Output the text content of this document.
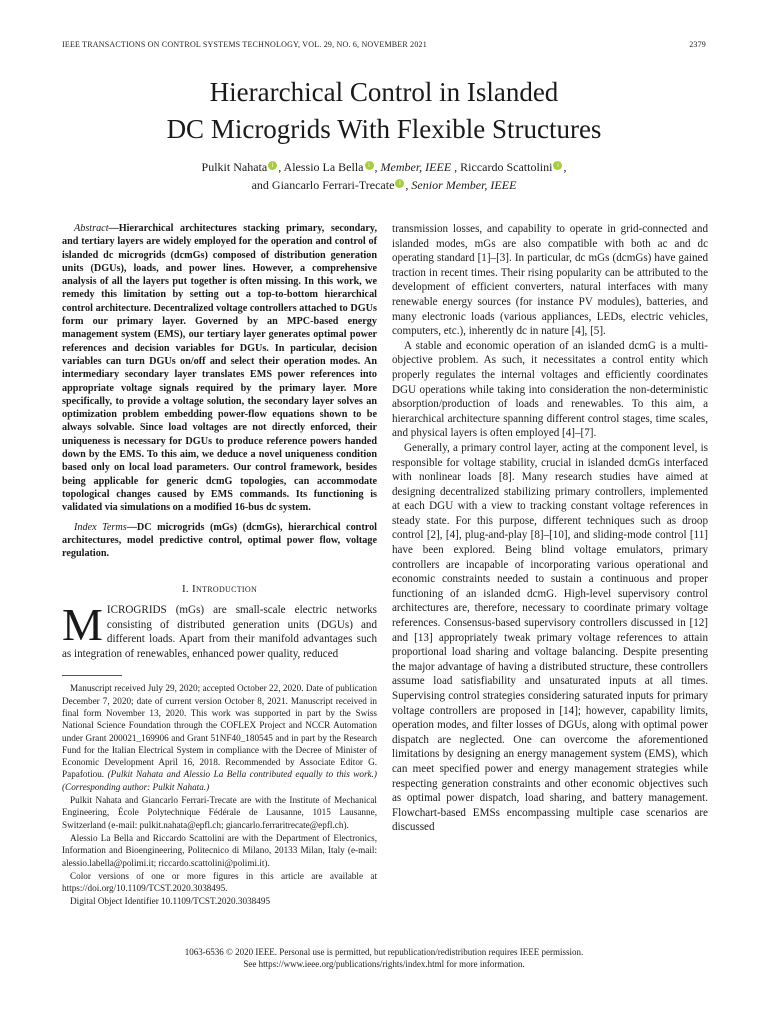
IEEE TRANSACTIONS ON CONTROL SYSTEMS TECHNOLOGY, VOL. 29, NO. 6, NOVEMBER 2021	2379
Hierarchical Control in Islanded
DC Microgrids With Flexible Structures
Pulkit Nahata i , Alessio La Bella i , Member, IEEE , Riccardo Scattolini i ,
and Giancarlo Ferrari-Trecate i , Senior Member, IEEE

Abstract—Hierarchical architectures stacking primary, secondary, and tertiary layers are widely employed for the operation and control of islanded dc microgrids (dcmGs) composed of distribution generation units (DGUs), loads, and power lines. However, a comprehensive analysis of all the layers put together is often missing. In this work, we remedy this limitation by setting out a top-to-bottom hierarchical control architecture. Decentralized voltage controllers attached to DGUs form our primary layer. Governed by an MPC-based energy management system (EMS), our tertiary layer generates optimal power references and decision variables for DGUs. In particular, decision variables can turn DGUs on/off and select their operation modes. An intermediary secondary layer translates EMS power references into appropriate voltage signals required by the primary layer. More specifically, to provide a voltage solution, the secondary layer solves an optimization problem embedding power-flow equations shown to be always solvable. Since load voltages are not directly enforced, their uniqueness is necessary for DGUs to produce reference powers handed down by the EMS. To this aim, we deduce a novel uniqueness condition based only on local load parameters. Our control framework, besides being applicable for generic dcmG topologies, can accommodate topological changes caused by EMS commands. Its functioning is validated via simulations on a modified 16-bus dc system.

Index Terms—DC microgrids (mGs) (dcmGs), hierarchical control architectures, model predictive control, optimal power flow, voltage regulation.

I. Introduction

MICROGRIDS (mGs) are small-scale electric networks consisting of distributed generation units (DGUs) and different loads. Apart from their manifold advantages such as integration of renewables, enhanced power quality, reduced

Manuscript received July 29, 2020; accepted October 22, 2020. Date of publication December 7, 2020; date of current version October 8, 2021. Manuscript received in final form November 13, 2020. This work was supported in part by the Swiss National Science Foundation through the COFLEX Project and NCCR Automation under Grant 200021_169906 and Grant 51NF40_180545 and in part by the Research Fund for the Italian Electrical System in compliance with the Decree of Minister of Economic Development April 16, 2018. Recommended by Associate Editor G. Papafotiou. (Pulkit Nahata and Alessio La Bella contributed equally to this work.) (Corresponding author: Pulkit Nahata.)

Pulkit Nahata and Giancarlo Ferrari-Trecate are with the Institute of Mechanical Engineering, École Polytechnique Fédérale de Lausanne, 1015 Lausanne, Switzerland (e-mail: pulkit.nahata@epfl.ch; giancarlo.ferraritrecate@epfl.ch).

Alessio La Bella and Riccardo Scattolini are with the Department of Electronics, Information and Bioengineering, Politecnico di Milano, 20133 Milan, Italy (e-mail: alessio.labella@polimi.it; riccardo.scattolini@polimi.it).

Color versions of one or more figures in this article are available at https://doi.org/10.1109/TCST.2020.3038495.

Digital Object Identifier 10.1109/TCST.2020.3038495

transmission losses, and capability to operate in grid-connected and islanded modes, mGs are also compatible with both ac and dc operating standard [1]–[3]. In particular, dc mGs (dcmGs) have gained traction in recent times. Their rising popularity can be attributed to the development of efficient converters, natural interfaces with many renewable energy sources (for instance PV modules), batteries, and many electronic loads (various appliances, LEDs, electric vehicles, computers, etc.), inherently dc in nature [4], [5].

A stable and economic operation of an islanded dcmG is a multi-objective problem. As such, it necessitates a control entity which properly regulates the internal voltages and efficiently coordinates DGU operations while taking into consideration the non-deterministic absorption/production of loads and renewables. To this aim, a hierarchical architecture spanning different control stages, time scales, and physical layers is often employed [4]–[7].

Generally, a primary control layer, acting at the component level, is responsible for voltage stability, crucial in islanded dcmGs interfaced with nonlinear loads [8]. Many research studies have aimed at designing decentralized stabilizing primary controllers, implemented at each DGU with a view to tracking constant voltage references in steady state. For this purpose, different techniques such as droop control [2], [4], plug-and-play [8]–[10], and sliding-mode control [11] have been explored. Being blind voltage emulators, primary controllers are incapable of incorporating various operational and economic constraints needed to sustain a continuous and proper functioning of an islanded dcmG. High-level supervisory control architectures are, therefore, necessary to coordinate primary voltage references. Consensus-based supervisory controllers discussed in [12] and [13] appropriately tweak primary voltage references to attain proportional load sharing and voltage balancing. Despite presenting the major advantage of having a distributed structure, these controllers assume load satisfiability and unsaturated inputs at all times. Supervising control strategies considering saturated inputs for primary voltage controllers are proposed in [14]; however, capability limits, operation modes, and filter losses of DGUs, along with optimal power dispatch are neglected. One can overcome the aforementioned limitations by designing an energy management system (EMS), which can meet specified power and energy management strategies while respecting generation constraints and other economic objectives such as optimal power dispatch, load sharing, and battery management. Flowchart-based EMSs encompassing multiple case scenarios are discussed

1063-6536 © 2020 IEEE. Personal use is permitted, but republication/redistribution requires IEEE permission.
See https://www.ieee.org/publications/rights/index.html for more information.
